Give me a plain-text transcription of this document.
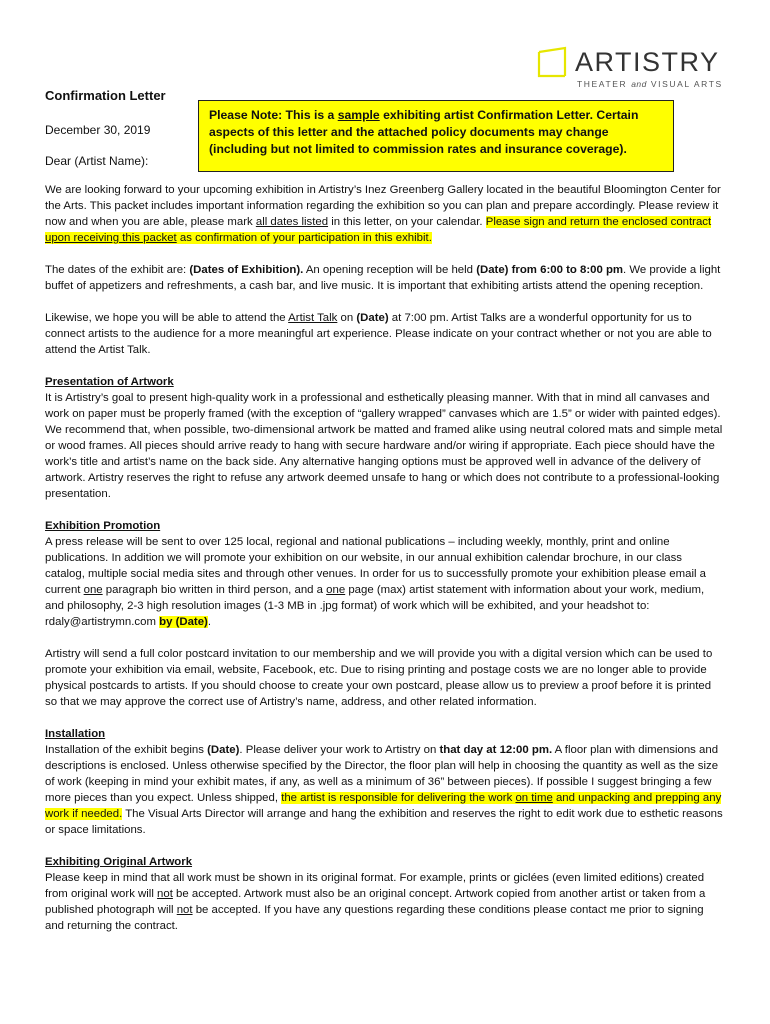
ARTISTRY
THEATER and VISUAL ARTS
Confirmation Letter
December 30, 2019
Dear (Artist Name):
Please Note: This is a sample exhibiting artist Confirmation Letter. Certain aspects of this letter and the attached policy documents may change (including but not limited to commission rates and insurance coverage).

We are looking forward to your upcoming exhibition in Artistry’s Inez Greenberg Gallery located in the beautiful Bloomington Center for the Arts. This packet includes important information regarding the exhibition so you can plan and prepare accordingly. Please review it now and when you are able, please mark all dates listed in this letter, on your calendar. Please sign and return the enclosed contract upon receiving this packet as confirmation of your participation in this exhibit.

The dates of the exhibit are: (Dates of Exhibition). An opening reception will be held (Date) from 6:00 to 8:00 pm. We provide a light buffet of appetizers and refreshments, a cash bar, and live music. It is important that exhibiting artists attend the opening reception.

Likewise, we hope you will be able to attend the Artist Talk on (Date) at 7:00 pm. Artist Talks are a wonderful opportunity for us to connect artists to the audience for a more meaningful art experience. Please indicate on your contract whether or not you are able to attend the Artist Talk.

Presentation of Artwork
It is Artistry’s goal to present high-quality work in a professional and esthetically pleasing manner. With that in mind all canvases and work on paper must be properly framed (with the exception of “gallery wrapped” canvases which are 1.5” or wider with painted edges). We recommend that, when possible, two-dimensional artwork be matted and framed alike using neutral colored mats and simple metal or wood frames. All pieces should arrive ready to hang with secure hardware and/or wiring if appropriate. Each piece should have the work’s title and artist’s name on the back side. Any alternative hanging options must be approved well in advance of the delivery of artwork. Artistry reserves the right to refuse any artwork deemed unsafe to hang or which does not contribute to a professional-looking presentation.

Exhibition Promotion
A press release will be sent to over 125 local, regional and national publications – including weekly, monthly, print and online publications. In addition we will promote your exhibition on our website, in our annual exhibition calendar brochure, in our class catalog, multiple social media sites and through other venues. In order for us to successfully promote your exhibition please email a current one paragraph bio written in third person, and a one page (max) artist statement with information about your work, medium, and philosophy, 2-3 high resolution images (1-3 MB in .jpg format) of work which will be exhibited, and your headshot to: rdaly@artistrymn.com by (Date).

Artistry will send a full color postcard invitation to our membership and we will provide you with a digital version which can be used to promote your exhibition via email, website, Facebook, etc. Due to rising printing and postage costs we are no longer able to provide physical postcards to artists. If you should choose to create your own postcard, please allow us to preview a proof before it is printed so that we may approve the correct use of Artistry’s name, address, and other related information.

Installation
Installation of the exhibit begins (Date). Please deliver your work to Artistry on that day at 12:00 pm. A floor plan with dimensions and descriptions is enclosed. Unless otherwise specified by the Director, the floor plan will help in choosing the quantity as well as the size of work (keeping in mind your exhibit mates, if any, as well as a minimum of 36” between pieces). If possible I suggest bringing a few more pieces than you expect. Unless shipped, the artist is responsible for delivering the work on time and unpacking and prepping any work if needed. The Visual Arts Director will arrange and hang the exhibition and reserves the right to edit work due to esthetic reasons or space limitations.

Exhibiting Original Artwork
Please keep in mind that all work must be shown in its original format. For example, prints or giclées (even limited editions) created from original work will not be accepted. Artwork must also be an original concept. Artwork copied from another artist or taken from a published photograph will not be accepted. If you have any questions regarding these conditions please contact me prior to signing and returning the contract.
